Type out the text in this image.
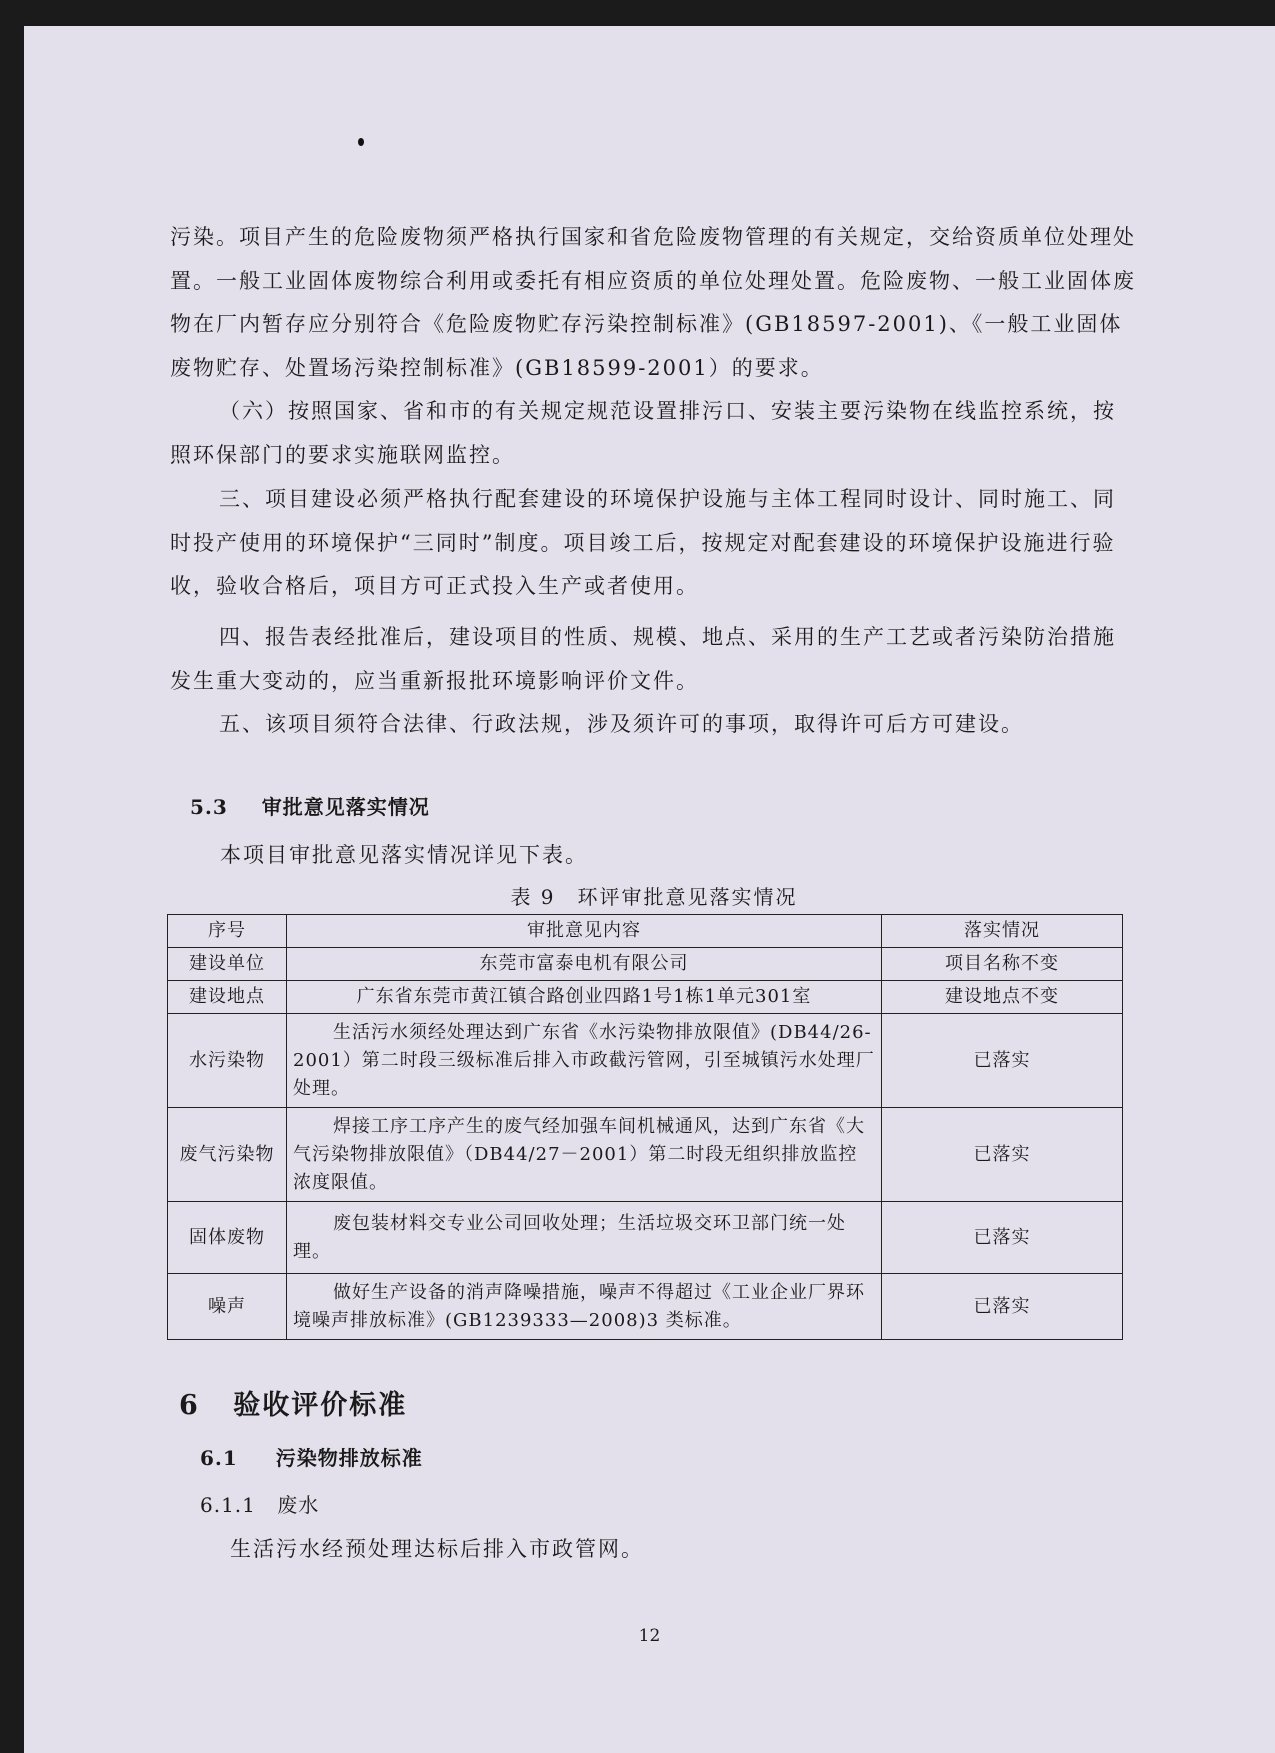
污染。项目产生的危险废物须严格执行国家和省危险废物管理的有关规定，交给资质单位处理处置。一般工业固体废物综合利用或委托有相应资质的单位处理处置。危险废物、一般工业固体废物在厂内暂存应分别符合《危险废物贮存污染控制标准》(GB18597-2001)、《一般工业固体废物贮存、处置场污染控制标准》(GB18599-2001）的要求。

（六）按照国家、省和市的有关规定规范设置排污口、安装主要污染物在线监控系统，按照环保部门的要求实施联网监控。

三、项目建设必须严格执行配套建设的环境保护设施与主体工程同时设计、同时施工、同时投产使用的环境保护“三同时”制度。项目竣工后，按规定对配套建设的环境保护设施进行验收，验收合格后，项目方可正式投入生产或者使用。

四、报告表经批准后，建设项目的性质、规模、地点、采用的生产工艺或者污染防治措施发生重大变动的，应当重新报批环境影响评价文件。

五、该项目须符合法律、行政法规，涉及须许可的事项，取得许可后方可建设。

5.3 审批意见落实情况
本项目审批意见落实情况详见下表。
表 9　环评审批意见落实情况
序号	审批意见内容	落实情况
建设单位	东莞市富泰电机有限公司	项目名称不变
建设地点	广东省东莞市黄江镇合路创业四路1号1栋1单元301室	建设地点不变
水污染物	生活污水须经处理达到广东省《水污染物排放限值》(DB44/26-2001）第二时段三级标准后排入市政截污管网，引至城镇污水处理厂处理。	已落实
废气污染物	焊接工序工序产生的废气经加强车间机械通风，达到广东省《大气污染物排放限值》（DB44/27－2001）第二时段无组织排放监控浓度限值。	已落实
固体废物	废包装材料交专业公司回收处理；生活垃圾交环卫部门统一处理。	已落实
噪声	做好生产设备的消声降噪措施，噪声不得超过《工业企业厂界环境噪声排放标准》(GB1239333—2008)3 类标准。	已落实
6 验收评价标准
6.1 污染物排放标准
6.1.1 废水
生活污水经预处理达标后排入市政管网。
12
